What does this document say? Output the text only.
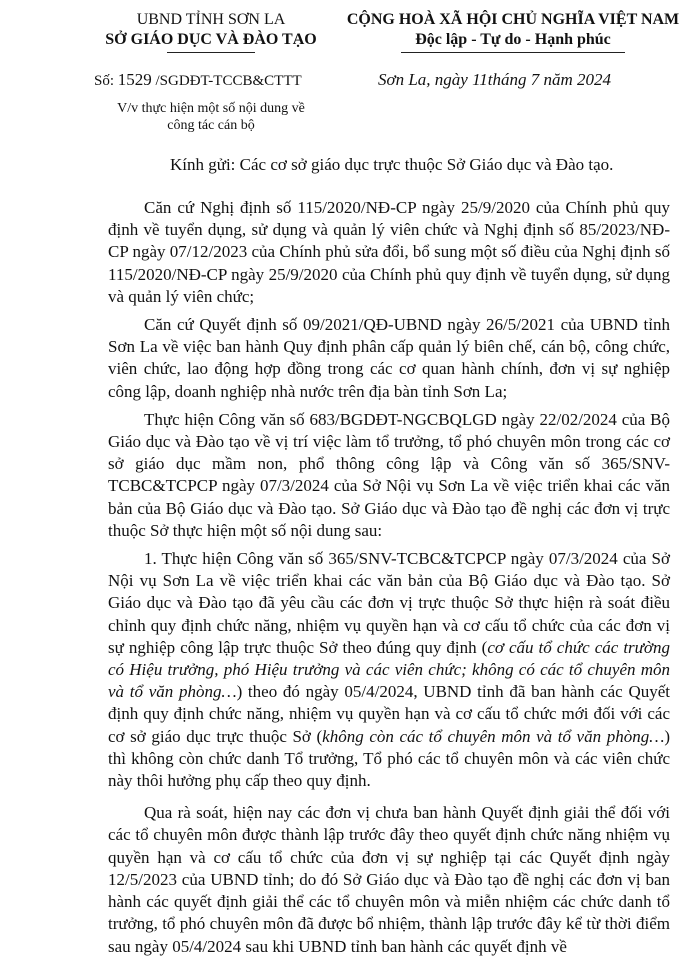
UBND TỈNH SƠN LA
SỞ GIÁO DỤC VÀ ĐÀO TẠO
CỘNG HOÀ XÃ HỘI CHỦ NGHĨA VIỆT NAM
Độc lập - Tự do - Hạnh phúc
Số: 1529 /SGDĐT-TCCB&CTTT	Sơn La, ngày 11tháng 7 năm 2024
V/v thực hiện một số nội dung về
công tác cán bộ
Kính gửi: Các cơ sở giáo dục trực thuộc Sở Giáo dục và Đào tạo.

Căn cứ Nghị định số 115/2020/NĐ-CP ngày 25/9/2020 của Chính phủ quy định về tuyển dụng, sử dụng và quản lý viên chức và Nghị định số 85/2023/NĐ-CP ngày 07/12/2023 của Chính phủ sửa đổi, bổ sung một số điều của Nghị định số 115/2020/NĐ-CP ngày 25/9/2020 của Chính phủ quy định về tuyển dụng, sử dụng và quản lý viên chức;

Căn cứ Quyết định số 09/2021/QĐ-UBND ngày 26/5/2021 của UBND tỉnh Sơn La về việc ban hành Quy định phân cấp quản lý biên chế, cán bộ, công chức, viên chức, lao động hợp đồng trong các cơ quan hành chính, đơn vị sự nghiệp công lập, doanh nghiệp nhà nước trên địa bàn tỉnh Sơn La;

Thực hiện Công văn số 683/BGDĐT-NGCBQLGD ngày 22/02/2024 của Bộ Giáo dục và Đào tạo về vị trí việc làm tổ trưởng, tổ phó chuyên môn trong các cơ sở giáo dục mầm non, phổ thông công lập và Công văn số 365/SNV-TCBC&TCPCP ngày 07/3/2024 của Sở Nội vụ Sơn La về việc triển khai các văn bản của Bộ Giáo dục và Đào tạo. Sở Giáo dục và Đào tạo đề nghị các đơn vị trực thuộc Sở thực hiện một số nội dung sau:

1. Thực hiện Công văn số 365/SNV-TCBC&TCPCP ngày 07/3/2024 của Sở Nội vụ Sơn La về việc triển khai các văn bản của Bộ Giáo dục và Đào tạo. Sở Giáo dục và Đào tạo đã yêu cầu các đơn vị trực thuộc Sở thực hiện rà soát điều chỉnh quy định chức năng, nhiệm vụ quyền hạn và cơ cấu tổ chức của các đơn vị sự nghiệp công lập trực thuộc Sở theo đúng quy định (cơ cấu tổ chức các trường có Hiệu trưởng, phó Hiệu trưởng và các viên chức; không có các tổ chuyên môn và tổ văn phòng…) theo đó ngày 05/4/2024, UBND tỉnh đã ban hành các Quyết định quy định chức năng, nhiệm vụ quyền hạn và cơ cấu tổ chức mới đối với các cơ sở giáo dục trực thuộc Sở (không còn các tổ chuyên môn và tổ văn phòng…) thì không còn chức danh Tổ trưởng, Tổ phó các tổ chuyên môn và các viên chức này thôi hưởng phụ cấp theo quy định.

Qua rà soát, hiện nay các đơn vị chưa ban hành Quyết định giải thể đối với các tổ chuyên môn được thành lập trước đây theo quyết định chức năng nhiệm vụ quyền hạn và cơ cấu tổ chức của đơn vị sự nghiệp tại các Quyết định ngày 12/5/2023 của UBND tỉnh; do đó Sở Giáo dục và Đào tạo đề nghị các đơn vị ban hành các quyết định giải thể các tổ chuyên môn và miễn nhiệm các chức danh tổ trưởng, tổ phó chuyên môn đã được bổ nhiệm, thành lập trước đây kể từ thời điểm sau ngày 05/4/2024 sau khi UBND tỉnh ban hành các quyết định về
